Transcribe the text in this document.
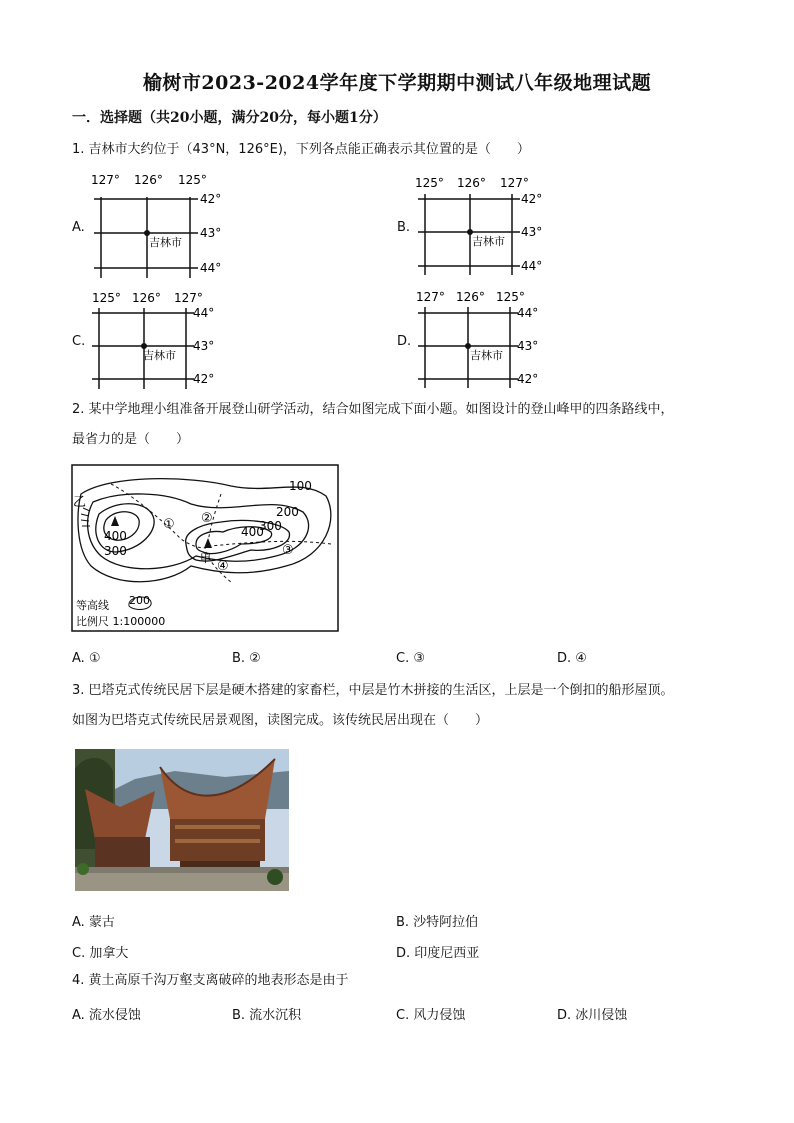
榆树市2023-2024学年度下学期期中测试八年级地理试题
一．选择题（共20小题，满分20分，每小题1分）
1. 吉林市大约位于（43°N，126°E)，下列各点能正确表示其位置的是（　　）
A.
127° 126° 125°
42°
43°
44°
吉林市
B.
125° 126° 127°
42°
43°
44°
吉林市
C.
125° 126° 127°
44°
43°
42°
吉林市
D.
127° 126° 125°
44°
43°
42°
吉林市
2. 某中学地理小组准备开展登山研学活动，结合如图完成下面小题。如图设计的登山峰甲的四条路线中，
最省力的是（　　）
100
200
300
400
400
300
乙
甲
① ②
③
④
等高线 200
比例尺 1:100000
A. ①	B. ②	C. ③	D. ④
3. 巴塔克式传统民居下层是硬木搭建的家畜栏，中层是竹木拼接的生活区，上层是一个倒扣的船形屋顶。
如图为巴塔克式传统民居景观图，读图完成。该传统民居出现在（　　）
A. 蒙古	B. 沙特阿拉伯
C. 加拿大	D. 印度尼西亚
4. 黄土高原千沟万壑支离破碎的地表形态是由于
A. 流水侵蚀	B. 流水沉积	C. 风力侵蚀	D. 冰川侵蚀
